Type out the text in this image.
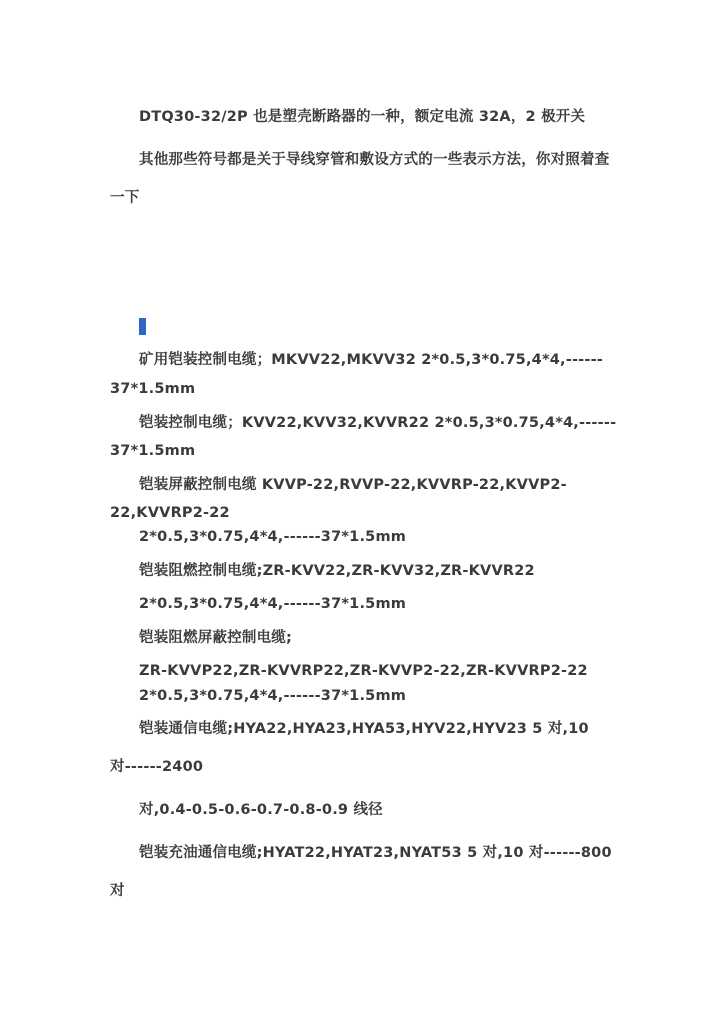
DTQ30-32/2P 也是塑壳断路器的一种，额定电流 32A，2 极开关
其他那些符号都是关于导线穿管和敷设方式的一些表示方法，你对照着查
一下
矿用铠装控制电缆；MKVV22,MKVV32 2*0.5,3*0.75,4*4,------
37*1.5mm
铠装控制电缆；KVV22,KVV32,KVVR22 2*0.5,3*0.75,4*4,------
37*1.5mm
铠装屏蔽控制电缆 KVVP-22,RVVP-22,KVVRP-22,KVVP2-
22,KVVRP2-22
2*0.5,3*0.75,4*4,------37*1.5mm
铠装阻燃控制电缆;ZR-KVV22,ZR-KVV32,ZR-KVVR22
2*0.5,3*0.75,4*4,------37*1.5mm
铠装阻燃屏蔽控制电缆;
ZR-KVVP22,ZR-KVVRP22,ZR-KVVP2-22,ZR-KVVRP2-22
2*0.5,3*0.75,4*4,------37*1.5mm
铠装通信电缆;HYA22,HYA23,HYA53,HYV22,HYV23 5 对,10
对------2400
对,0.4-0.5-0.6-0.7-0.8-0.9 线径
铠装充油通信电缆;HYAT22,HYAT23,NYAT53 5 对,10 对------800
对
